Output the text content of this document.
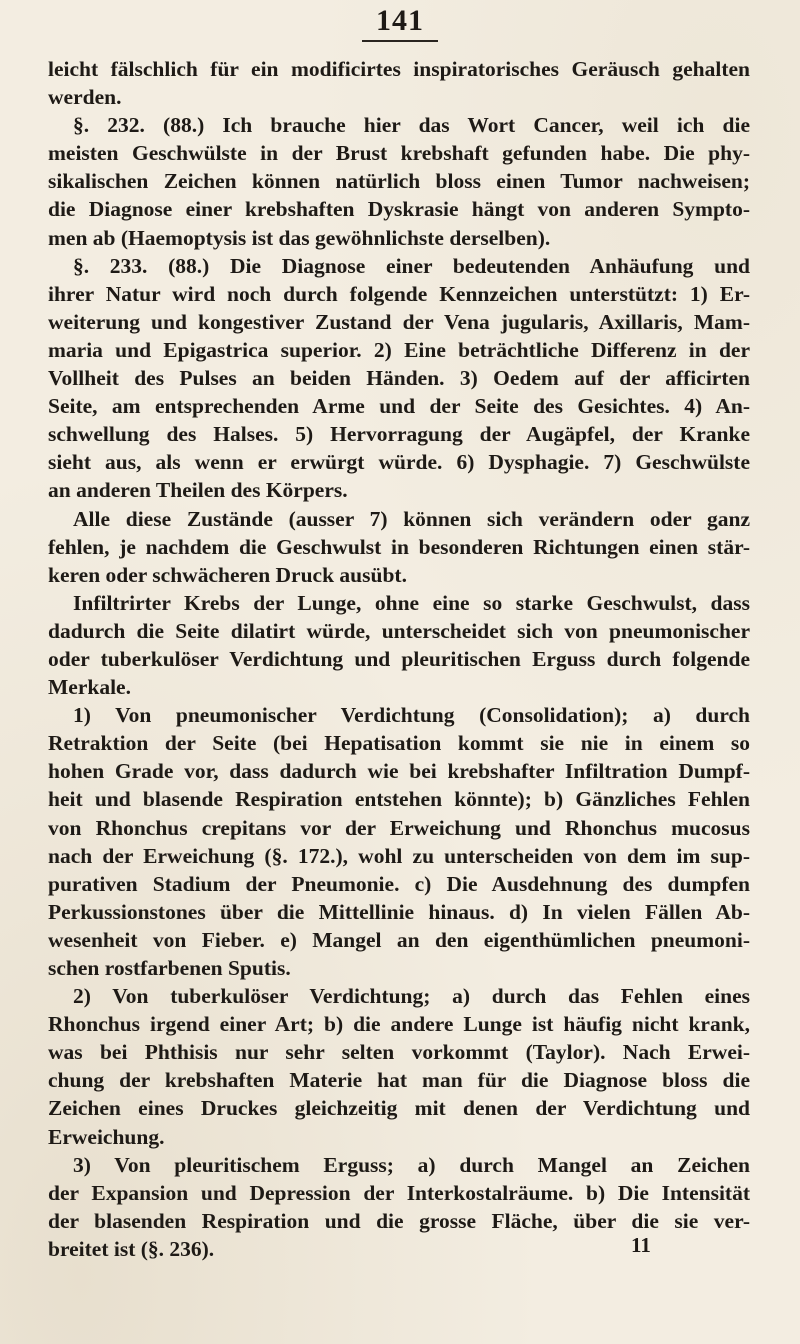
141
leicht fälschlich für ein modificirtes inspiratorisches Geräusch gehalten
werden.
§. 232. (88.) Ich brauche hier das Wort Cancer, weil ich die
meisten Geschwülste in der Brust krebshaft gefunden habe. Die phy-
sikalischen Zeichen können natürlich bloss einen Tumor nachweisen;
die Diagnose einer krebshaften Dyskrasie hängt von anderen Sympto-
men ab (Haemoptysis ist das gewöhnlichste derselben).
§. 233. (88.) Die Diagnose einer bedeutenden Anhäufung und
ihrer Natur wird noch durch folgende Kennzeichen unterstützt: 1) Er-
weiterung und kongestiver Zustand der Vena jugularis, Axillaris, Mam-
maria und Epigastrica superior. 2) Eine beträchtliche Differenz in der
Vollheit des Pulses an beiden Händen. 3) Oedem auf der afficirten
Seite, am entsprechenden Arme und der Seite des Gesichtes. 4) An-
schwellung des Halses. 5) Hervorragung der Augäpfel, der Kranke
sieht aus, als wenn er erwürgt würde. 6) Dysphagie. 7) Geschwülste
an anderen Theilen des Körpers.
Alle diese Zustände (ausser 7) können sich verändern oder ganz
fehlen, je nachdem die Geschwulst in besonderen Richtungen einen stär-
keren oder schwächeren Druck ausübt.
Infiltrirter Krebs der Lunge, ohne eine so starke Geschwulst, dass
dadurch die Seite dilatirt würde, unterscheidet sich von pneumonischer
oder tuberkulöser Verdichtung und pleuritischen Erguss durch folgende
Merkale.
1) Von pneumonischer Verdichtung (Consolidation); a) durch
Retraktion der Seite (bei Hepatisation kommt sie nie in einem so
hohen Grade vor, dass dadurch wie bei krebshafter Infiltration Dumpf-
heit und blasende Respiration entstehen könnte); b) Gänzliches Fehlen
von Rhonchus crepitans vor der Erweichung und Rhonchus mucosus
nach der Erweichung (§. 172.), wohl zu unterscheiden von dem im sup-
purativen Stadium der Pneumonie. c) Die Ausdehnung des dumpfen
Perkussionstones über die Mittellinie hinaus. d) In vielen Fällen Ab-
wesenheit von Fieber. e) Mangel an den eigenthümlichen pneumoni-
schen rostfarbenen Sputis.
2) Von tuberkulöser Verdichtung; a) durch das Fehlen eines
Rhonchus irgend einer Art; b) die andere Lunge ist häufig nicht krank,
was bei Phthisis nur sehr selten vorkommt (Taylor). Nach Erwei-
chung der krebshaften Materie hat man für die Diagnose bloss die
Zeichen eines Druckes gleichzeitig mit denen der Verdichtung und
Erweichung.
3) Von pleuritischem Erguss; a) durch Mangel an Zeichen
der Expansion und Depression der Interkostalräume. b) Die Intensität
der blasenden Respiration und die grosse Fläche, über die sie ver-
breitet ist (§. 236).	11
